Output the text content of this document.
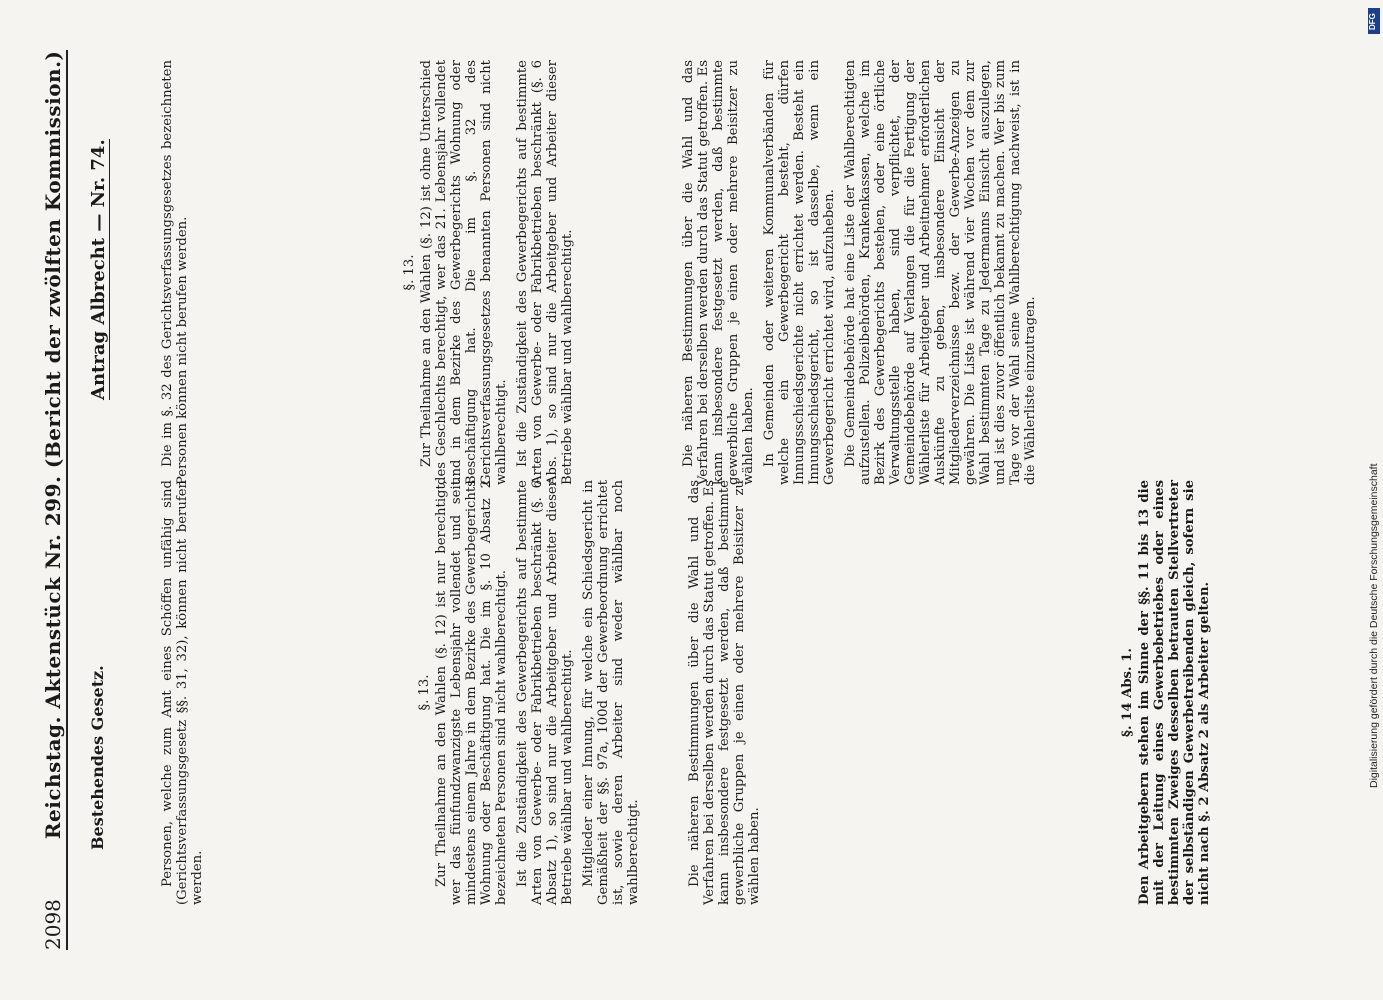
2098
Reichstag. Aktenstück Nr. 299. (Bericht der zwölften Kommission.) Bestehendes Gesetz.
Antrag Albrecht — Nr. 74.

Personen, welche zum Amt eines Schöffen unfähig sind (Gerichtsverfassungsgesetz §§. 31, 32), können nicht berufen werden.

§. 13. Zur Theilnahme an den Wahlen (§. 12) ist nur berechtigt, wer das fünfundzwanzigste Lebensjahr vollendet und seit mindestens einem Jahre in dem Bezirke des Gewerbegerichts Wohnung oder Beschäftigung hat. Die im §. 10 Absatz 2 bezeichneten Personen sind nicht wahlberechtigt. Ist die Zuständigkeit des Gewerbegerichts auf bestimmte Arten von Gewerbe- oder Fabrikbetrieben beschränkt (§. 6 Absatz 1), so sind nur die Arbeitgeber und Arbeiter dieser Betriebe wählbar und wahlberechtigt. Mitglieder einer Innung, für welche ein Schiedsgericht in Gemäßheit der §§. 97a, 100d der Gewerbeordnung errichtet ist, sowie deren Arbeiter sind weder wählbar noch wahlberechtigt.	Die näheren Bestimmungen über die Wahl und das Verfahren bei derselben werden durch das Statut getroffen. Es kann insbesondere festgesetzt werden, daß bestimmte gewerbliche Gruppen je einen oder mehrere Beisitzer zu wählen haben.

§. 14 Abs. 1. Den Arbeitgebern stehen im Sinne der §§. 11 bis 13 die mit der Leitung eines Gewerbebetriebes oder eines bestimmten Zweiges desselben betrauten Stellvertreter der selbständigen Gewerbetreibenden gleich, sofern sie nicht nach §. 2 Absatz 2 als Arbeiter gelten.

Die im §. 32 des Gerichtsverfassungsgesetzes bezeichneten Personen können nicht berufen werden.	§. 13. Zur Theilnahme an den Wahlen (§. 12) ist ohne Unterschied des Geschlechts berechtigt, wer das 21. Lebensjahr vollendet und in dem Bezirke des Gewerbegerichts Wohnung oder Beschäftigung hat. Die im §. 32 des Gerichtsverfassungsgesetzes benannten Personen sind nicht wahlberechtigt. Ist die Zuständigkeit des Gewerbegerichts auf bestimmte Arten von Gewerbe- oder Fabrikbetrieben beschränkt (§. 6 Abs. 1), so sind nur die Arbeitgeber und Arbeiter dieser Betriebe wählbar und wahlberechtigt.	Die näheren Bestimmungen über die Wahl und das Verfahren bei derselben werden durch das Statut getroffen. Es kann insbesondere festgesetzt werden, daß bestimmte gewerbliche Gruppen je einen oder mehrere Beisitzer zu wählen haben. In Gemeinden oder weiteren Kommunalverbänden für welche ein Gewerbegericht besteht, dürfen Innungsschiedsgerichte nicht errichtet werden. Besteht ein Innungsschiedsgericht, so ist dasselbe, wenn ein Gewerbegericht errichtet wird, aufzuheben. Die Gemeindebehörde hat eine Liste der Wahlberechtigten aufzustellen. Polizeibehörden, Krankenkassen, welche im Bezirk des Gewerbegerichts bestehen, oder eine örtliche Verwaltungsstelle haben, sind verpflichtet, der Gemeindebehörde auf Verlangen die für die Fertigung der Wählerliste für Arbeitgeber und Arbeitnehmer erforderlichen Auskünfte zu geben, insbesondere Einsicht der Mitgliederverzeichnisse bezw. der Gewerbe-Anzeigen zu gewähren. Die Liste ist während vier Wochen vor dem zur Wahl bestimmten Tage zu Jedermanns Einsicht auszulegen, und ist dies zuvor öffentlich bekannt zu machen. Wer bis zum Tage vor der Wahl seine Wahlberechtigung nachweist, ist in die Wählerliste einzutragen.

DFG
Digitalisierung gefördert durch die Deutsche Forschungsgemeinschaft
